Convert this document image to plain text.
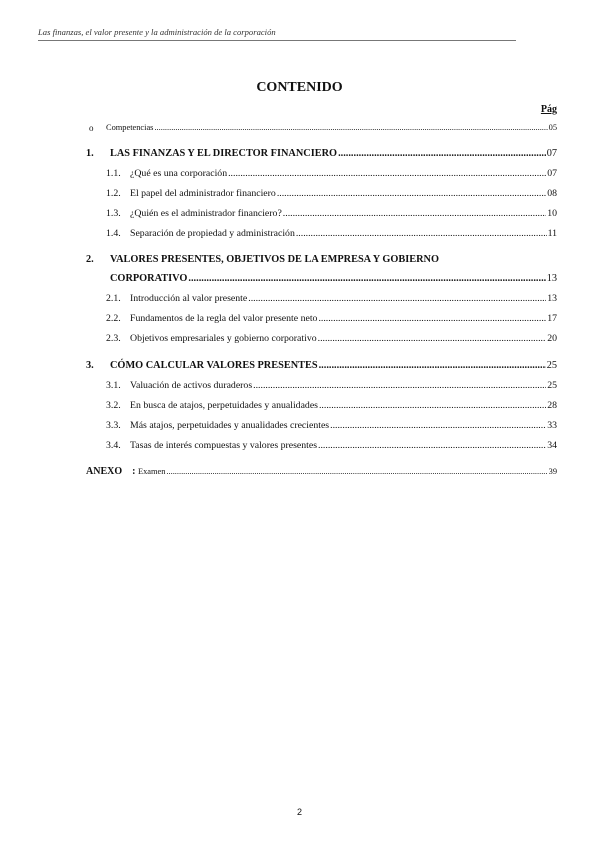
Las finanzas, el valor presente y la administración de la corporación
CONTENIDO
Pág
o Competencias .....	05
1. LAS FINANZAS Y EL DIRECTOR FINANCIERO .....	07
1.1. ¿Qué es una corporación .....	07
1.2. El papel del administrador financiero .....	08
1.3. ¿Quién es el administrador financiero? .....	10
1.4. Separación de propiedad y administración .....	11
2. VALORES PRESENTES, OBJETIVOS DE LA EMPRESA Y GOBIERNO
CORPORATIVO .....	13
2.1. Introducción al valor presente .....	13
2.2. Fundamentos de la regla del valor presente neto .....	17
2.3. Objetivos empresariales y gobierno corporativo .....	20
3. CÓMO CALCULAR VALORES PRESENTES .....	25
3.1. Valuación de activos duraderos .....	25
3.2. En busca de atajos, perpetuidades y anualidades .....	28
3.3. Más atajos, perpetuidades y anualidades crecientes .....	33
3.4. Tasas de interés compuestas y valores presentes .....	34
ANEXO : Examen .....	39
2
